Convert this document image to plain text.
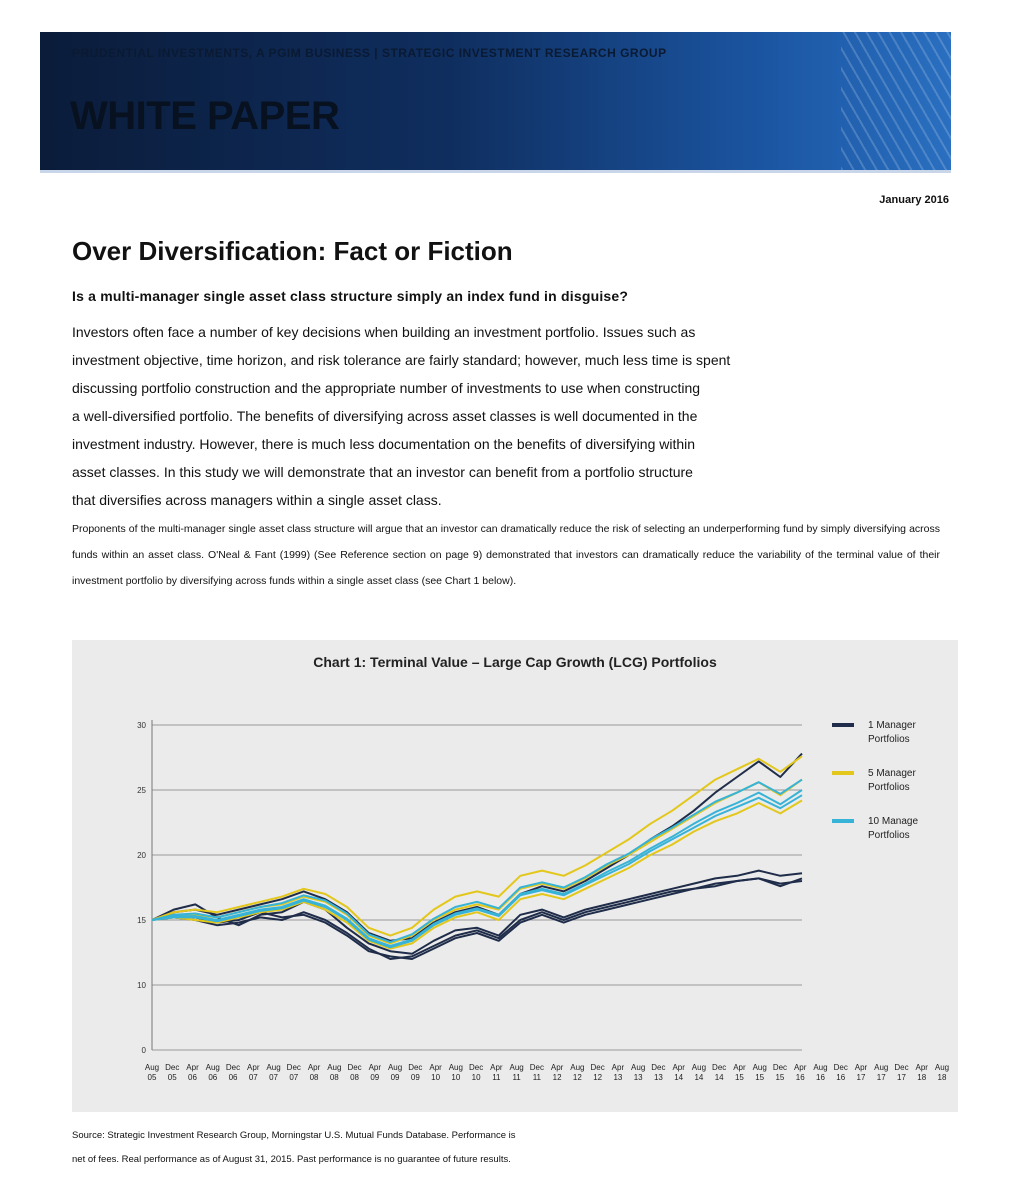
PRUDENTIAL INVESTMENTS, A PGIM BUSINESS | STRATEGIC INVESTMENT RESEARCH GROUP
WHITE PAPER
January 2016
Over Diversification: Fact or Fiction
Is a multi-manager single asset class structure simply an index fund in disguise?
Investors often face a number of key decisions when building an investment portfolio. Issues such as
investment objective, time horizon, and risk tolerance are fairly standard; however, much less time is spent
discussing portfolio construction and the appropriate number of investments to use when constructing
a well-diversified portfolio. The benefits of diversifying across asset classes is well documented in the
investment industry. However, there is much less documentation on the benefits of diversifying within
asset classes. In this study we will demonstrate that an investor can benefit from a portfolio structure
that diversifies across managers within a single asset class.
Proponents of the multi-manager single asset class structure will argue that an investor can dramatically reduce the risk of selecting an underperforming fund by simply diversifying across funds within an asset class. O'Neal & Fant (1999) (See Reference section on page 9) demonstrated that investors can dramatically reduce the variability of the terminal value of their investment portfolio by diversifying across funds within a single asset class (see Chart 1 below).
0
10
15
20
25
30
Aug
05
Dec
05
Apr
06
Aug
06
Dec
06
Apr
07
Aug
07
Dec
07
Apr
08
Aug
08
Dec
08
Apr
09
Aug
09
Dec
09
Apr
10
Aug
10
Dec
10
Apr
11
Aug
11
Dec
11
Apr
12
Aug
12
Dec
12
Apr
13
Aug
13
Dec
13
Apr
14
Aug
14
Dec
14
Apr
15
Aug
15
Dec
15
Apr
16
Aug
16
Dec
16
Apr
17
Aug
17
Dec
17
Apr
18
Aug
18
1 Manager
Portfolios
5 Manager
Portfolios
10 Manage
Portfolios
Chart 1: Terminal Value – Large Cap Growth (LCG) Portfolios
Source: Strategic Investment Research Group, Morningstar U.S. Mutual Funds Database. Performance is
net of fees. Real performance as of August 31, 2015. Past performance is no guarantee of future results.
